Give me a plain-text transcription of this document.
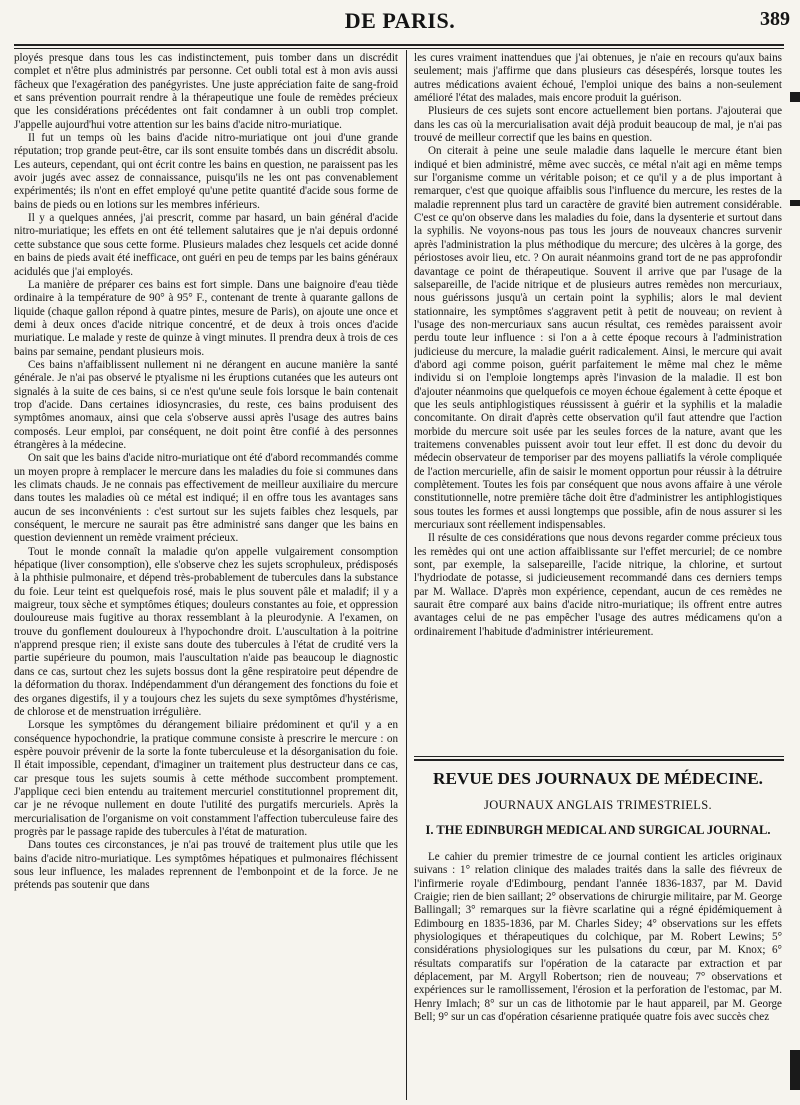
DE PARIS.	389

ployés presque dans tous les cas indistinctement, puis tomber dans un discrédit complet et n'être plus administrés par personne. Cet oubli total est à mon avis aussi fâcheux que l'exagération des panégyristes. Une juste appréciation faite de sang-froid et sans prévention pourrait rendre à la thérapeutique une foule de remèdes précieux que les considérations précédentes ont fait condamner à un oubli trop complet. J'appelle aujourd'hui votre attention sur les bains d'acide nitro-muriatique.

Il fut un temps où les bains d'acide nitro-muriatique ont joui d'une grande réputation; trop grande peut-être, car ils sont ensuite tombés dans un discrédit absolu. Les auteurs, cependant, qui ont écrit contre les bains en question, ne paraissent pas les avoir jugés avec assez de connaissance, puisqu'ils ne les ont pas convenablement expérimentés; ils n'ont en effet employé qu'une petite quantité d'acide sous forme de bains de pieds ou en lotions sur les membres inférieurs.

Il y a quelques années, j'ai prescrit, comme par hasard, un bain général d'acide nitro-muriatique; les effets en ont été tellement salutaires que je n'ai depuis ordonné cette substance que sous cette forme. Plusieurs malades chez lesquels cet acide donné en bains de pieds avait été inefficace, ont guéri en peu de temps par les bains généraux acidulés que j'ai employés.

La manière de préparer ces bains est fort simple. Dans une baignoire d'eau tiède ordinaire à la température de 90° à 95° F., contenant de trente à quarante gallons de liquide (chaque gallon répond à quatre pintes, mesure de Paris), on ajoute une once et demi à deux onces d'acide nitrique concentré, et de deux à trois onces d'acide muriatique. Le malade y reste de quinze à vingt minutes. Il prendra deux à trois de ces bains par semaine, pendant plusieurs mois.

Ces bains n'affaiblissent nullement ni ne dérangent en aucune manière la santé générale. Je n'ai pas observé le ptyalisme ni les éruptions cutanées que les auteurs ont signalés à la suite de ces bains, si ce n'est qu'une seule fois lorsque le bain contenait trop d'acide. Dans certaines idiosyncrasies, du reste, ces bains produisent des symptômes anomaux, ainsi que cela s'observe aussi après l'usage des autres bains composés. Leur emploi, par conséquent, ne doit point être confié à des personnes étrangères à la médecine.

On sait que les bains d'acide nitro-muriatique ont été d'abord recommandés comme un moyen propre à remplacer le mercure dans les maladies du foie si communes dans les climats chauds. Je ne connais pas effectivement de meilleur auxiliaire du mercure dans toutes les maladies où ce métal est indiqué; il en offre tous les avantages sans aucun de ses inconvénients : c'est surtout sur les sujets faibles chez lesquels, par conséquent, le mercure ne saurait pas être administré sans danger que les bains en question deviennent un remède vraiment précieux.

Tout le monde connaît la maladie qu'on appelle vulgairement consomption hépatique (liver consomption), elle s'observe chez les sujets scrophuleux, prédisposés à la phthisie pulmonaire, et dépend très-probablement de tubercules dans la substance du foie. Leur teint est quelquefois rosé, mais le plus souvent pâle et maladif; il y a maigreur, toux sèche et symptômes étiques; douleurs constantes au foie, et oppression douloureuse mais fugitive au thorax ressemblant à la pleurodynie. A l'examen, on trouve du gonflement douloureux à l'hypochondre droit. L'auscultation à la poitrine n'apprend presque rien; il existe sans doute des tubercules à l'état de crudité vers la partie supérieure du poumon, mais l'auscultation n'aide pas beaucoup le diagnostic dans ce cas, surtout chez les sujets bossus dont la gêne respiratoire peut dépendre de la déformation du thorax. Indépendamment d'un dérangement des fonctions du foie et des organes digestifs, il y a toujours chez les sujets du sexe symptômes d'hystérisme, de chlorose et de menstruation irrégulière.

Lorsque les symptômes du dérangement biliaire prédominent et qu'il y a en conséquence hypochondrie, la pratique commune consiste à prescrire le mercure : on espère pouvoir prévenir de la sorte la fonte tuberculeuse et la désorganisation du foie. Il était impossible, cependant, d'imaginer un traitement plus destructeur dans ce cas, car presque tous les sujets soumis à cette méthode succombent promptement. J'applique ceci bien entendu au traitement mercuriel constitutionnel proprement dit, car je ne révoque nullement en doute l'utilité des purgatifs mercuriels. Après la mercurialisation de l'organisme on voit constamment l'affection tuberculeuse faire des progrès par le passage rapide des tubercules à l'état de maturation.

Dans toutes ces circonstances, je n'ai pas trouvé de traitement plus utile que les bains d'acide nitro-muriatique. Les symptômes hépatiques et pulmonaires fléchissent sous leur influence, les malades reprennent de l'embonpoint et de la force. Je ne prétends pas soutenir que dans

les cures vraiment inattendues que j'ai obtenues, je n'aie en recours qu'aux bains seulement; mais j'affirme que dans plusieurs cas désespérés, lorsque toutes les autres médications avaient échoué, l'emploi unique des bains a non-seulement amélioré l'état des malades, mais encore produit la guérison.

Plusieurs de ces sujets sont encore actuellement bien portans. J'ajouterai que dans les cas où la mercurialisation avait déjà produit beaucoup de mal, je n'ai pas trouvé de meilleur correctif que les bains en question.

On citerait à peine une seule maladie dans laquelle le mercure étant bien indiqué et bien administré, même avec succès, ce métal n'ait agi en même temps sur l'organisme comme un véritable poison; et ce qu'il y a de plus important à remarquer, c'est que quoique affaiblis sous l'influence du mercure, les restes de la maladie reprennent plus tard un caractère de gravité bien autrement considérable. C'est ce qu'on observe dans les maladies du foie, dans la dysenterie et surtout dans la syphilis. Ne voyons-nous pas tous les jours de nouveaux chancres survenir après l'administration la plus méthodique du mercure; des ulcères à la gorge, des périostoses avoir lieu, etc. ? On aurait néanmoins grand tort de ne pas approfondir davantage ce point de thérapeutique. Souvent il arrive que par l'usage de la salsepareille, de l'acide nitrique et de plusieurs autres remèdes non mercuriaux, nous guérissons jusqu'à un certain point la syphilis; alors le mal devient stationnaire, les symptômes s'aggravent petit à petit de nouveau; on revient à l'usage des non-mercuriaux sans aucun résultat, ces remèdes paraissent avoir perdu toute leur influence : si l'on a à cette époque recours à l'administration judicieuse du mercure, la maladie guérit radicalement. Ainsi, le mercure qui avait d'abord agi comme poison, guérit parfaitement le même mal chez le même individu si on l'emploie longtemps après l'invasion de la maladie. Il est bon d'ajouter néanmoins que quelquefois ce moyen échoue également à cette époque et que les seuls antiphlogistiques réussissent à guérir et la syphilis et la maladie concomitante. On dirait d'après cette observation qu'il faut attendre que l'action morbide du mercure soit usée par les seules forces de la nature, avant que les traitemens convenables puissent avoir tout leur effet. Il est donc du devoir du médecin observateur de temporiser par des moyens palliatifs la vérole compliquée de l'action mercurielle, afin de saisir le moment opportun pour réussir à la détruire complètement. Toutes les fois par conséquent que nous avons affaire à une vérole constitutionnelle, notre première tâche doit être d'administrer les antiphlogistiques sous toutes les formes et aussi longtemps que possible, afin de nous assurer si les mercuriaux sont réellement indispensables.

Il résulte de ces considérations que nous devons regarder comme précieux tous les remèdes qui ont une action affaiblissante sur l'effet mercuriel; de ce nombre sont, par exemple, la salsepareille, l'acide nitrique, la chlorine, et surtout l'hydriodate de potasse, si judicieusement recommandé dans ces derniers temps par M. Wallace. D'après mon expérience, cependant, aucun de ces remèdes ne saurait être comparé aux bains d'acide nitro-muriatique; ils offrent entre autres avantages celui de ne pas empêcher l'usage des autres médicamens qu'on a ordinairement l'habitude d'administrer intérieurement.

REVUE DES JOURNAUX DE MÉDECINE.
JOURNAUX ANGLAIS TRIMESTRIELS.
I. THE EDINBURGH MEDICAL AND SURGICAL JOURNAL.
Le cahier du premier trimestre de ce journal contient les articles originaux suivans : 1° relation clinique des malades traités dans la salle des fiévreux de l'infirmerie royale d'Edimbourg, pendant l'année 1836-1837, par M. David Craigie; rien de bien saillant; 2° observations de chirurgie militaire, par M. George Ballingall; 3° remarques sur la fièvre scarlatine qui a régné épidémiquement à Edimbourg en 1835-1836, par M. Charles Sidey; 4° observations sur les effets physiologiques et thérapeutiques du colchique, par M. Robert Lewins; 5° considérations physiologiques sur les pulsations du cœur, par M. Knox; 6° résultats comparatifs sur l'opération de la cataracte par extraction et par déplacement, par M. Argyll Robertson; rien de nouveau; 7° observations et expériences sur le ramollissement, l'érosion et la perforation de l'estomac, par M. Henry Imlach; 8° sur un cas de lithotomie par le haut appareil, par M. George Bell; 9° sur un cas d'opération césarienne pratiquée quatre fois avec succès chez
